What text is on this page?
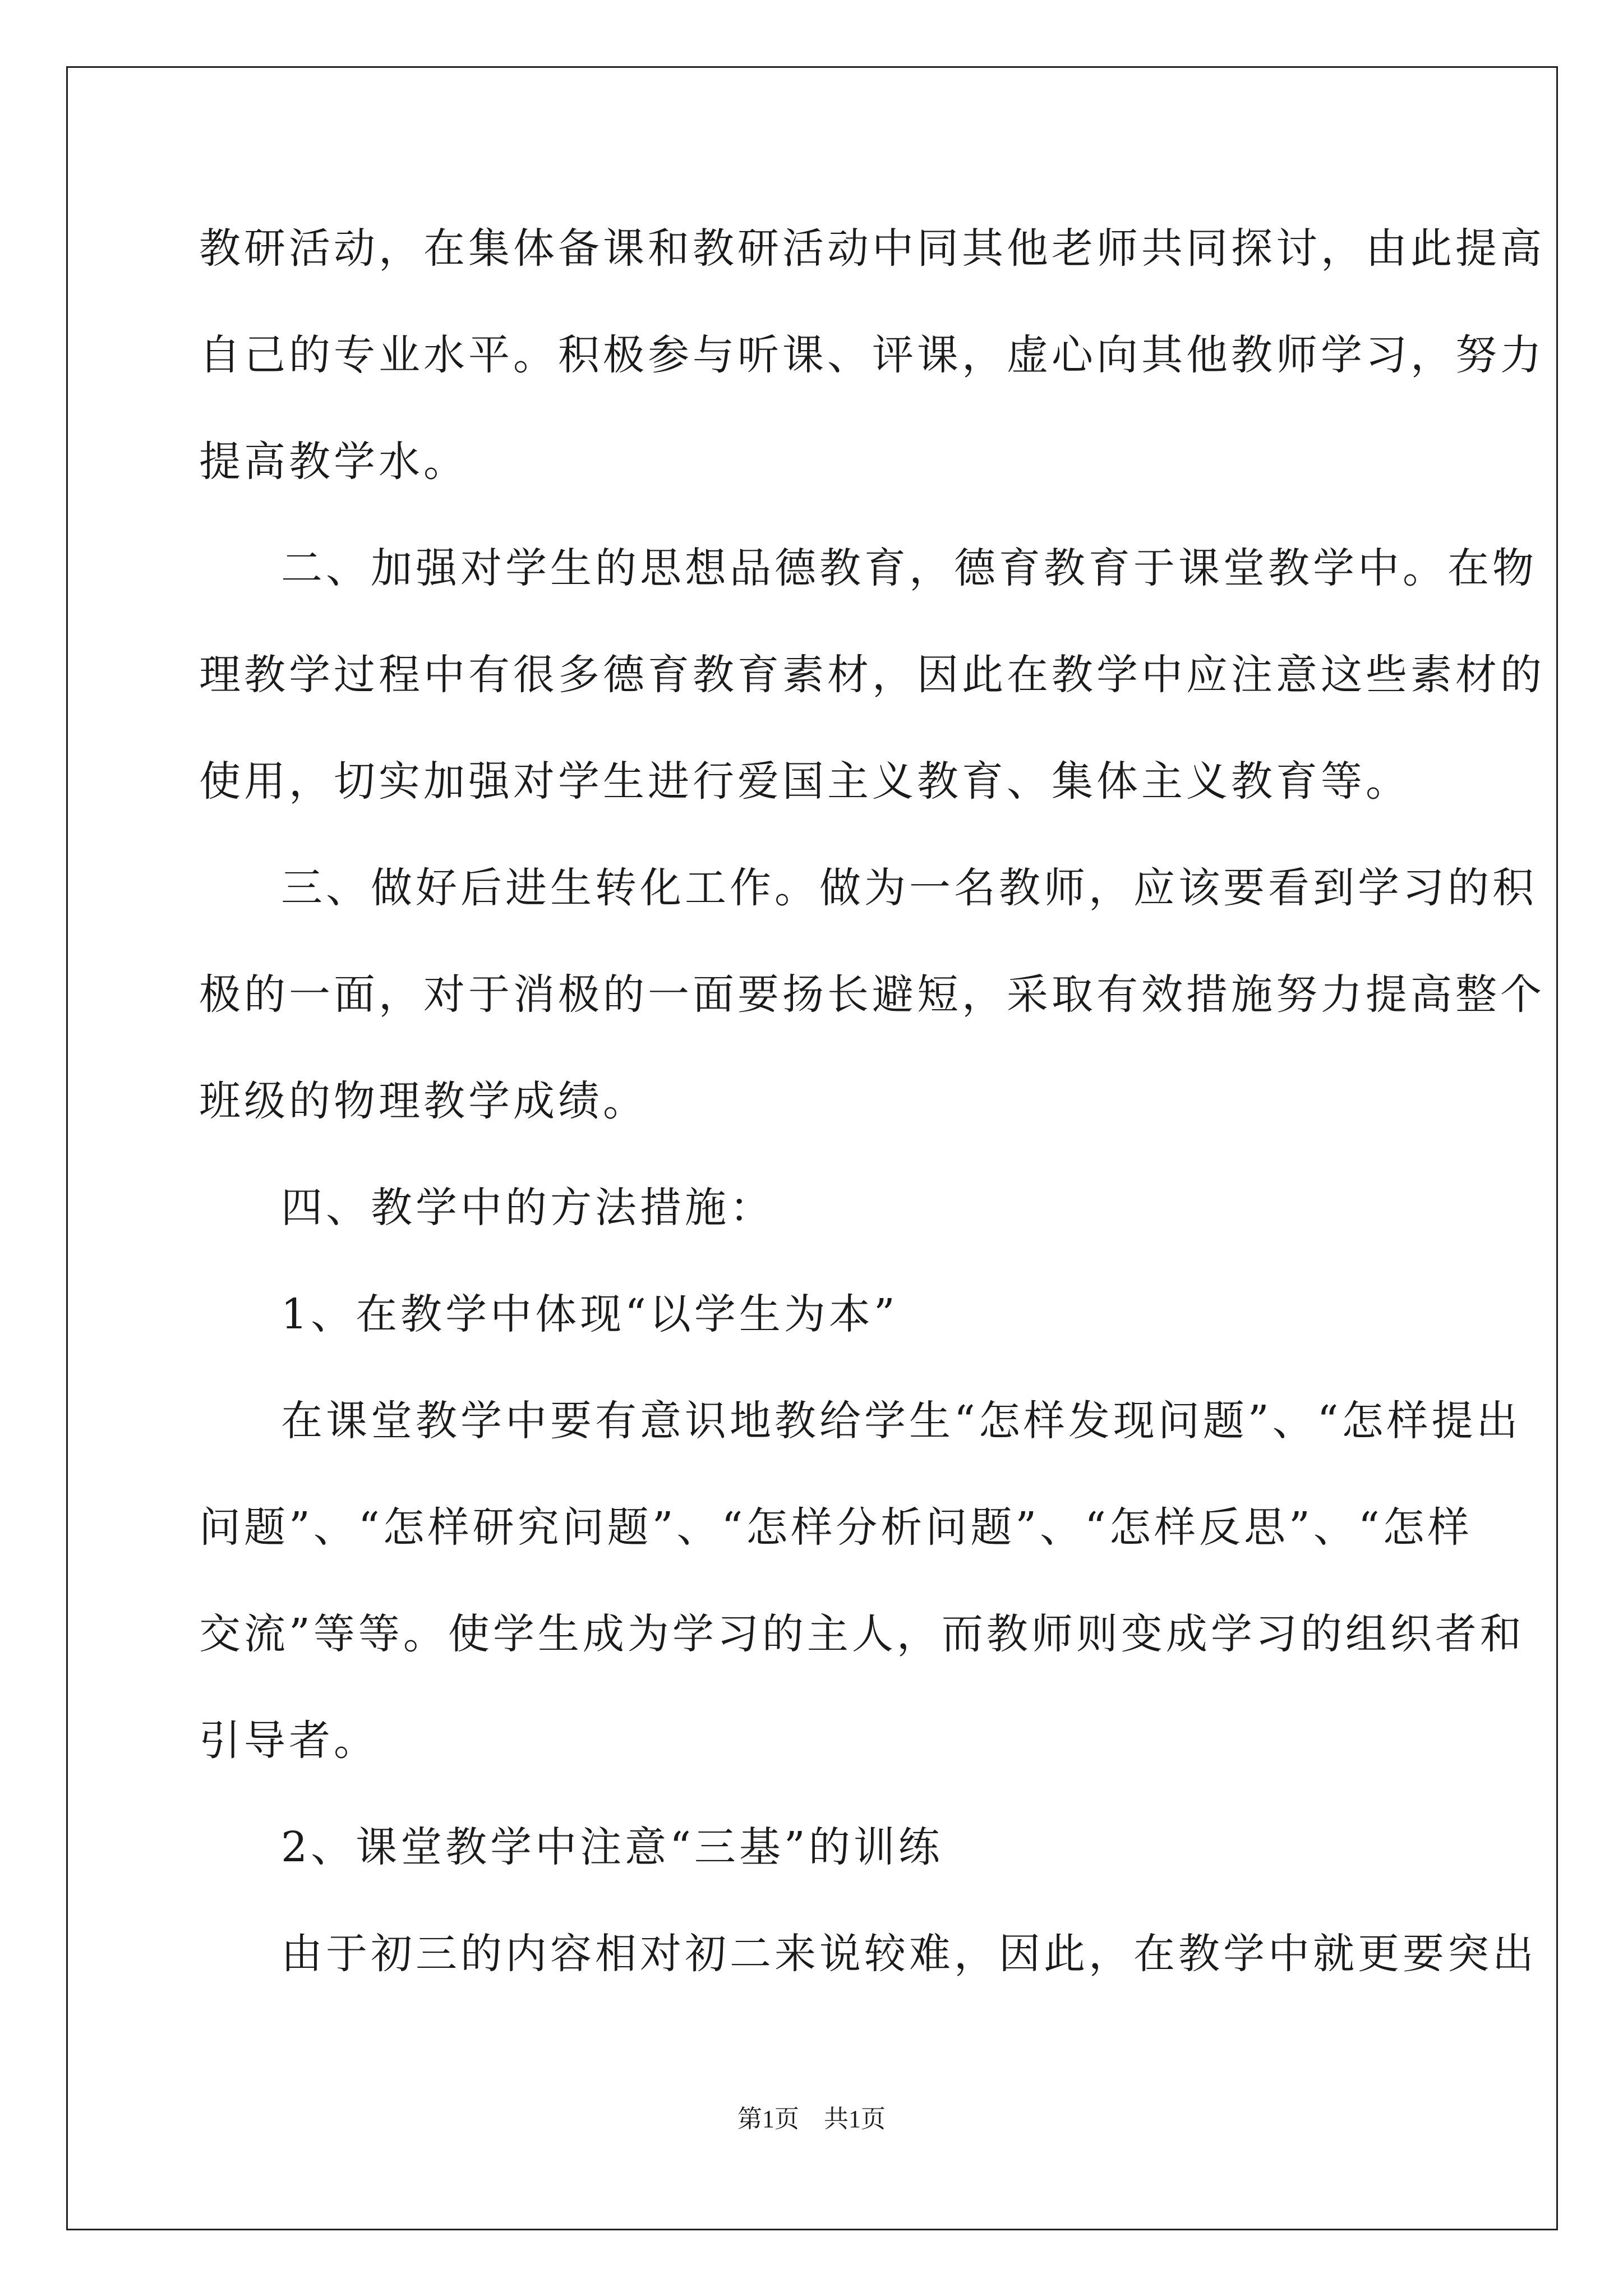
教研活动，在集体备课和教研活动中同其他老师共同探讨，由此提高
自己的专业水平。积极参与听课、评课，虚心向其他教师学习，努力
提高教学水。
二、加强对学生的思想品德教育，德育教育于课堂教学中。在物
理教学过程中有很多德育教育素材，因此在教学中应注意这些素材的
使用，切实加强对学生进行爱国主义教育、集体主义教育等。
三、做好后进生转化工作。做为一名教师，应该要看到学习的积
极的一面，对于消极的一面要扬长避短，采取有效措施努力提高整个
班级的物理教学成绩。
四、教学中的方法措施：
1、在教学中体现“以学生为本”
在课堂教学中要有意识地教给学生“怎样发现问题”、“怎样提出
问题”、“怎样研究问题”、“怎样分析问题”、“怎样反思”、“怎样
交流”等等。使学生成为学习的主人，而教师则变成学习的组织者和
引导者。
2、课堂教学中注意“三基”的训练
由于初三的内容相对初二来说较难，因此，在教学中就更要突出
第1页　共1页
